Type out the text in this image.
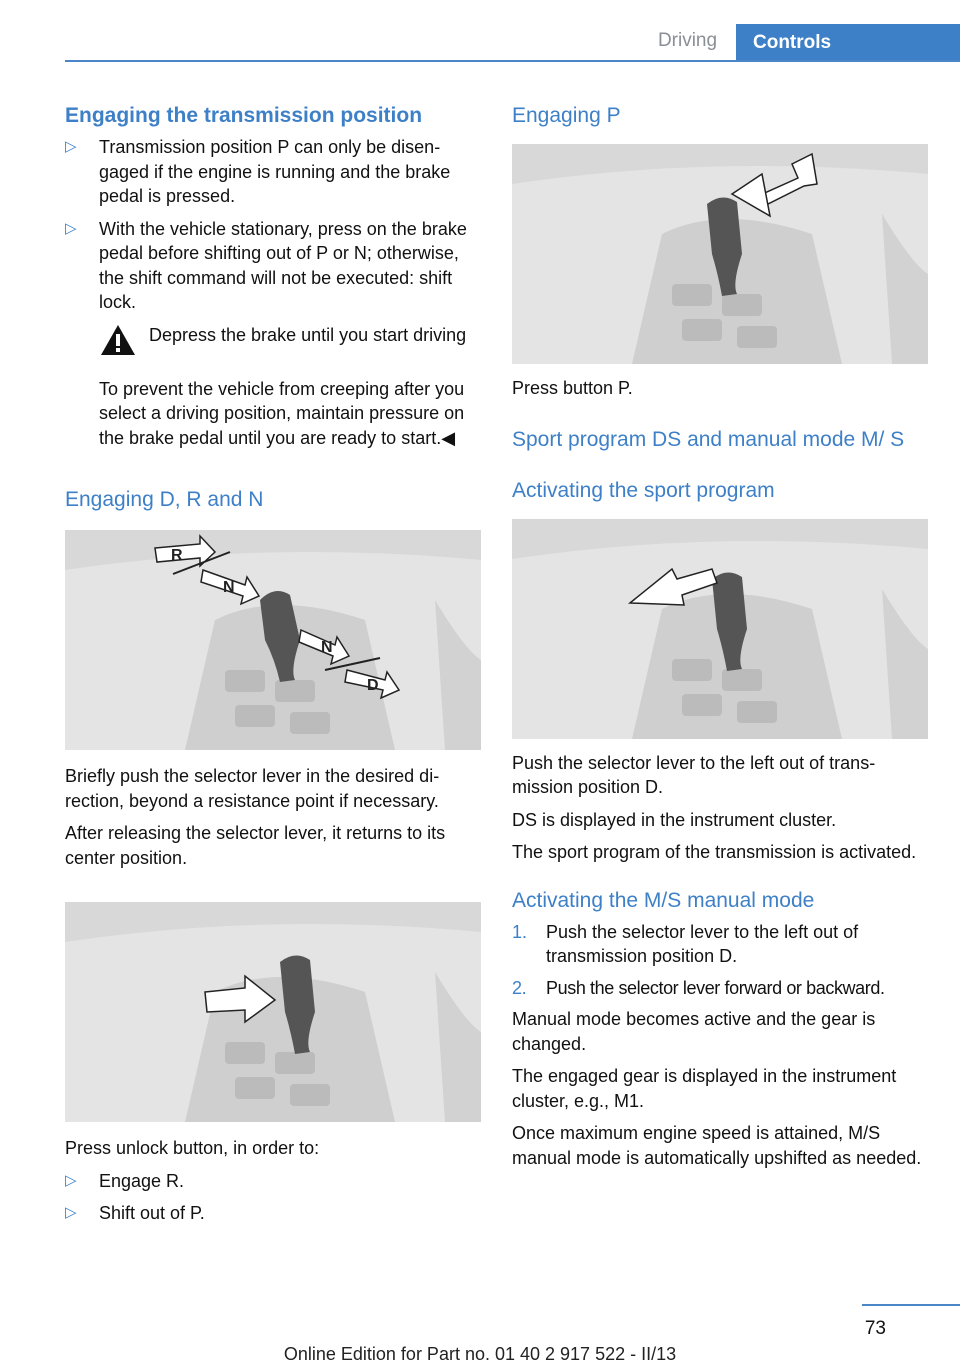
Driving	Controls
Engaging the transmission position
▷
Transmission position P can only be disengaged if the engine is running and the brake pedal is pressed.
▷
With the vehicle stationary, press on the brake pedal before shifting out of P or N; otherwise, the shift command will not be executed: shift lock.

Depress the brake until you start driving

To prevent the vehicle from creeping after you select a driving position, maintain pressure on the brake pedal until you are ready to start.◀

Engaging D, R and N
R
N
N
D

Briefly push the selector lever in the desired direction, beyond a resistance point if necessary.

After releasing the selector lever, it returns to its center position.

Press unlock button, in order to:

▷
Engage R.
▷
Shift out of P.
Engaging P

Press button P.

Sport program DS and manual mode M/ S
Activating the sport program

Push the selector lever to the left out of transmission position D.

DS is displayed in the instrument cluster.

The sport program of the transmission is activated.

Activating the M/S manual mode
1. Push the selector lever to the left out of transmission position D.
2. Push the selector lever forward or backward.

Manual mode becomes active and the gear is changed.

The engaged gear is displayed in the instrument cluster, e.g., M1.

Once maximum engine speed is attained, M/S manual mode is automatically upshifted as needed.

73
Online Edition for Part no. 01 40 2 917 522 - II/13
